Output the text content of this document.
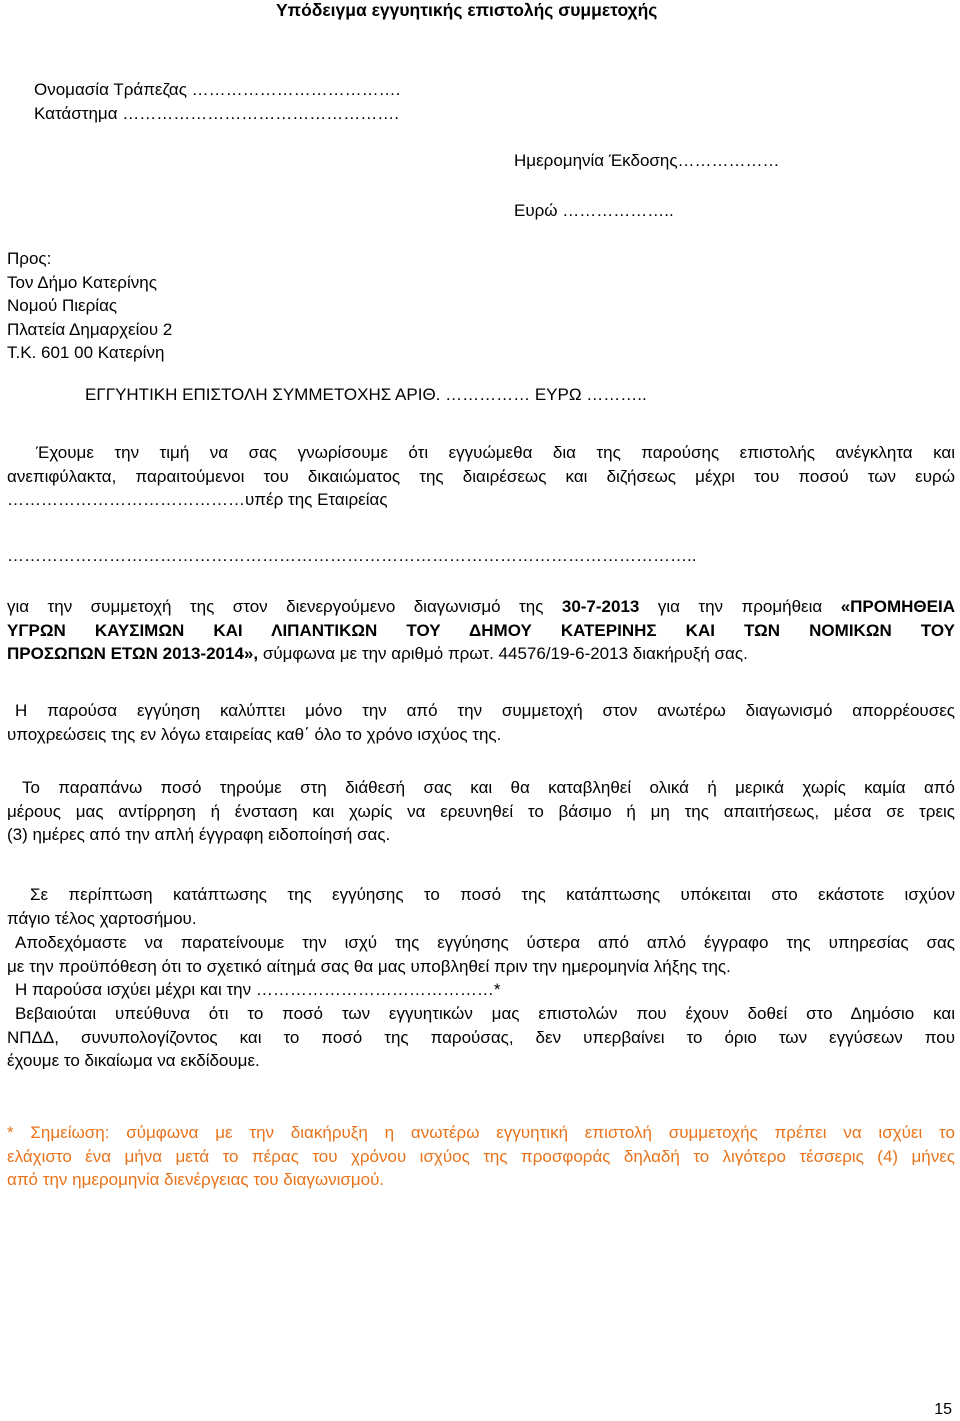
Υπόδειγμα εγγυητικής επιστολής συμμετοχής
Ονομασία Τράπεζας ……………………………….
Κατάστημα ………………………………………….
Ημερομηνία Έκδοσης………………
Ευρώ ………………..
Προς:
Τον Δήμο Κατερίνης
Νομού Πιερίας
Πλατεία Δημαρχείου 2
Τ.Κ. 601 00 Κατερίνη
ΕΓΓΥΗΤΙΚΗ ΕΠΙΣΤΟΛΗ ΣΥΜΜΕΤΟΧΗΣ ΑΡΙΘ. …………… ΕΥΡΩ ………..
Έχουμε την τιμή να σας γνωρίσουμε ότι εγγυώμεθα δια της παρούσης επιστολής ανέγκλητα και
ανεπιφύλακτα, παραιτούμενοι του δικαιώματος της διαιρέσεως και διζήσεως μέχρι του ποσού των ευρώ
……………………………………υπέρ της Εταιρείας
…………………………………………………………………………………………………………..
για την συμμετοχή της στον διενεργούμενο διαγωνισμό της 30-7-2013 για την προμήθεια «ΠΡΟΜΗΘΕΙΑ
ΥΓΡΩΝ ΚΑΥΣΙΜΩΝ ΚΑΙ ΛΙΠΑΝΤΙΚΩΝ ΤΟΥ ΔΗΜΟΥ ΚΑΤΕΡΙΝΗΣ ΚΑΙ ΤΩΝ ΝΟΜΙΚΩΝ ΤΟΥ
ΠΡΟΣΩΠΩΝ ΕΤΩΝ 2013-2014», σύμφωνα με την αριθμό πρωτ. 44576/19-6-2013 διακήρυξή σας.
Η παρούσα εγγύηση καλύπτει μόνο την από την συμμετοχή στον ανωτέρω διαγωνισμό απορρέουσες
υποχρεώσεις της εν λόγω εταιρείας καθ΄ όλο το χρόνο ισχύος της.
Το παραπάνω ποσό τηρούμε στη διάθεσή σας και θα καταβληθεί ολικά ή μερικά χωρίς καμία από
μέρους μας αντίρρηση ή ένσταση και χωρίς να ερευνηθεί το βάσιμο ή μη της απαιτήσεως, μέσα σε τρεις
(3) ημέρες από την απλή έγγραφη ειδοποίησή σας.
Σε περίπτωση κατάπτωσης της εγγύησης το ποσό της κατάπτωσης υπόκειται στο εκάστοτε ισχύον
πάγιο τέλος χαρτοσήμου.
Αποδεχόμαστε να παρατείνουμε την ισχύ της εγγύησης ύστερα από απλό έγγραφο της υπηρεσίας σας
με την προϋπόθεση ότι το σχετικό αίτημά σας θα μας υποβληθεί πριν την ημερομηνία λήξης της.
Η παρούσα ισχύει μέχρι και την ……………………………………*
Βεβαιούται υπεύθυνα ότι το ποσό των εγγυητικών μας επιστολών που έχουν δοθεί στο Δημόσιο και
ΝΠΔΔ, συνυπολογίζοντος και το ποσό της παρούσας, δεν υπερβαίνει το όριο των εγγύσεων που
έχουμε το δικαίωμα να εκδίδουμε.
* Σημείωση: σύμφωνα με την διακήρυξη η ανωτέρω εγγυητική επιστολή συμμετοχής πρέπει να ισχύει το
ελάχιστο ένα μήνα μετά το πέρας του χρόνου ισχύος της προσφοράς δηλαδή το λιγότερο τέσσερις (4) μήνες
από την ημερομηνία διενέργειας του διαγωνισμού.
15
